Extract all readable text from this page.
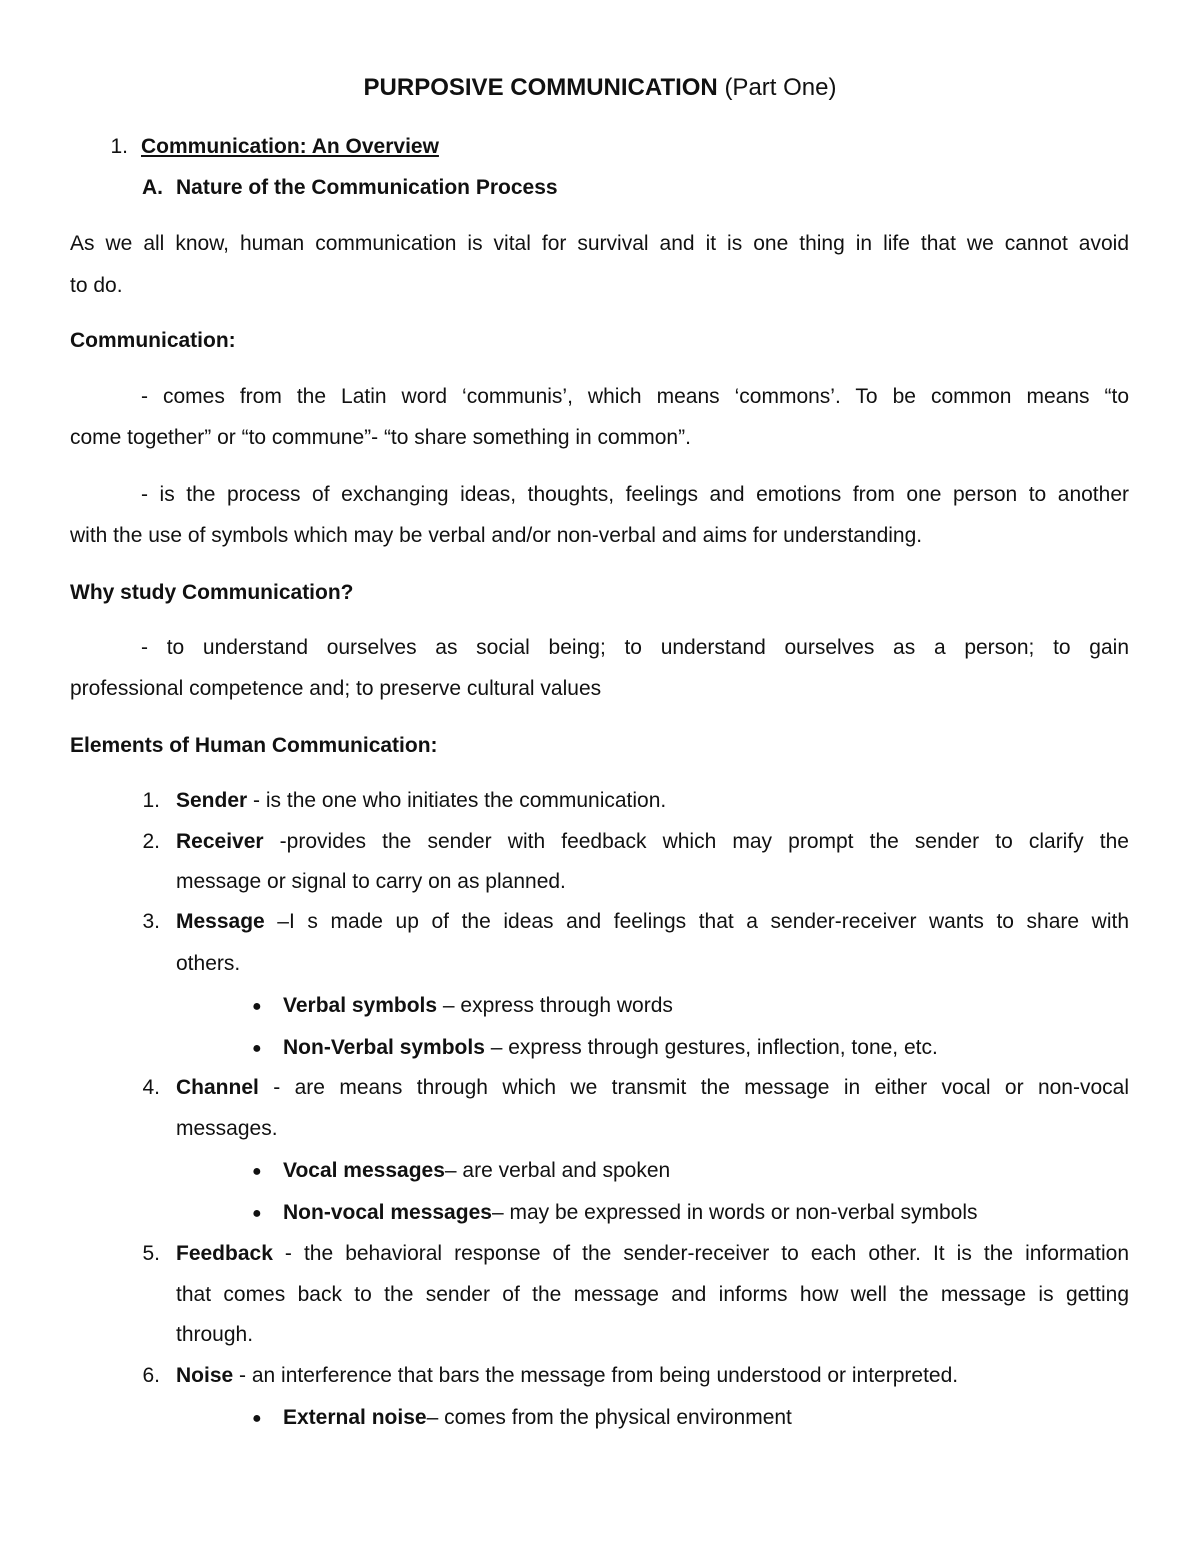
PURPOSIVE COMMUNICATION (Part One)
1. Communication: An Overview
A. Nature of the Communication Process
As we all know, human communication is vital for survival and it is one thing in life that we cannot avoid
to do.
Communication:
- comes from the Latin word ‘communis’, which means ‘commons’. To be common means “to
come together” or “to commune”- “to share something in common”.
- is the process of exchanging ideas, thoughts, feelings and emotions from one person to another
with the use of symbols which may be verbal and/or non-verbal and aims for understanding.
Why study Communication?
- to understand ourselves as social being; to understand ourselves as a person; to gain
professional competence and; to preserve cultural values
Elements of Human Communication:
1. Sender - is the one who initiates the communication.
2. Receiver -provides the sender with feedback which may prompt the sender to clarify the
message or signal to carry on as planned.
3. Message –I s made up of the ideas and feelings that a sender-receiver wants to share with
others.
● Verbal symbols – express through words
● Non-Verbal symbols – express through gestures, inflection, tone, etc.
4. Channel - are means through which we transmit the message in either vocal or non-vocal
messages.
● Vocal messages– are verbal and spoken
● Non-vocal messages– may be expressed in words or non-verbal symbols
5. Feedback - the behavioral response of the sender-receiver to each other. It is the information
that comes back to the sender of the message and informs how well the message is getting
through.
6. Noise - an interference that bars the message from being understood or interpreted.
● External noise– comes from the physical environment
